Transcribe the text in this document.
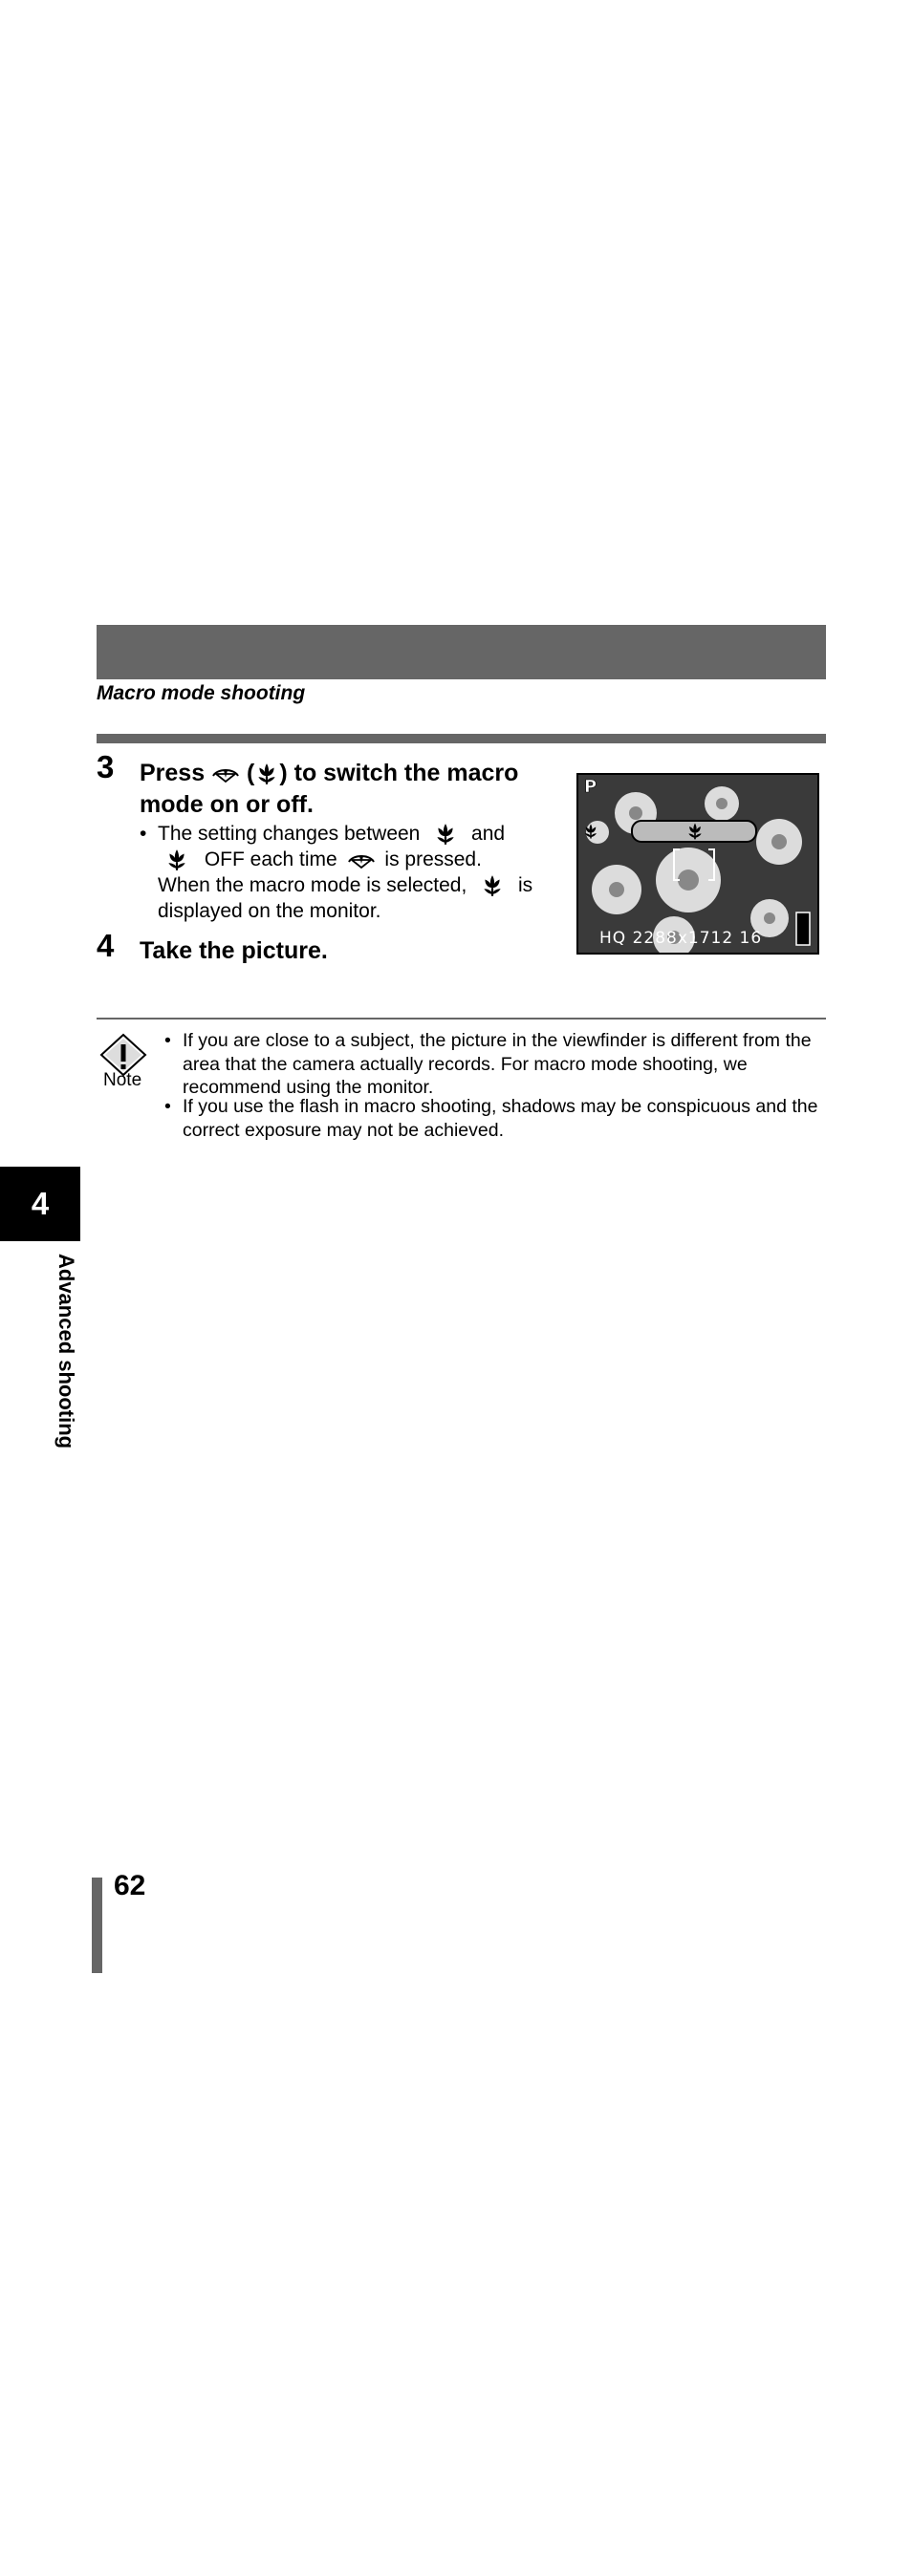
Macro mode shooting
3 Press ( ) to switch the macro
mode on or off.
• The setting changes between	and
OFF each time is pressed.
When the macro mode is selected,	is
displayed on the monitor.
4 Take the picture.
P
HQ 2288x1712 16
Note
• If you are close to a subject, the picture in the viewfinder is different from the area that the camera actually records. For macro mode shooting, we recommend using the monitor.
• If you use the flash in macro shooting, shadows may be conspicuous and the correct exposure may not be achieved.
4
Advanced shooting
62
